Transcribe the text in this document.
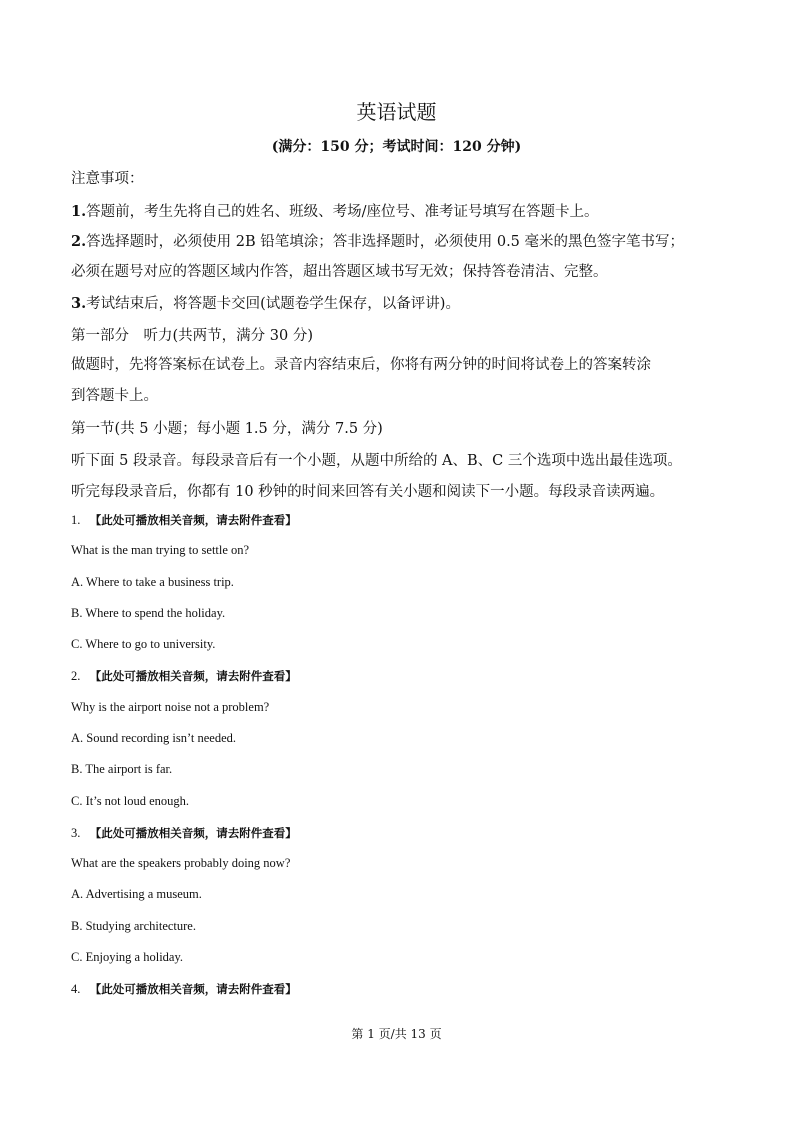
英语试题
(满分：150 分；考试时间：120 分钟)
注意事项：
1.答题前，考生先将自己的姓名、班级、考场/座位号、准考证号填写在答题卡上。
2.答选择题时，必须使用 2B 铅笔填涂；答非选择题时，必须使用 0.5 毫米的黑色签字笔书写；
必须在题号对应的答题区域内作答，超出答题区域书写无效；保持答卷清洁、完整。
3.考试结束后，将答题卡交回(试题卷学生保存，以备评讲)。
第一部分　听力(共两节，满分 30 分)
做题时，先将答案标在试卷上。录音内容结束后，你将有两分钟的时间将试卷上的答案转涂
到答题卡上。
第一节(共 5 小题；每小题 1.5 分，满分 7.5 分)
听下面 5 段录音。每段录音后有一个小题，从题中所给的 A、B、C 三个选项中选出最佳选项。
听完每段录音后，你都有 10 秒钟的时间来回答有关小题和阅读下一小题。每段录音读两遍。
1. 【此处可播放相关音频，请去附件查看】
What is the man trying to settle on?
A. Where to take a business trip.
B. Where to spend the holiday.
C. Where to go to university.
2. 【此处可播放相关音频，请去附件查看】
Why is the airport noise not a problem?
A. Sound recording isn’t needed.
B. The airport is far.
C. It’s not loud enough.
3. 【此处可播放相关音频，请去附件查看】
What are the speakers probably doing now?
A. Advertising a museum.
B. Studying architecture.
C. Enjoying a holiday.
4. 【此处可播放相关音频，请去附件查看】
第 1 页/共 13 页
